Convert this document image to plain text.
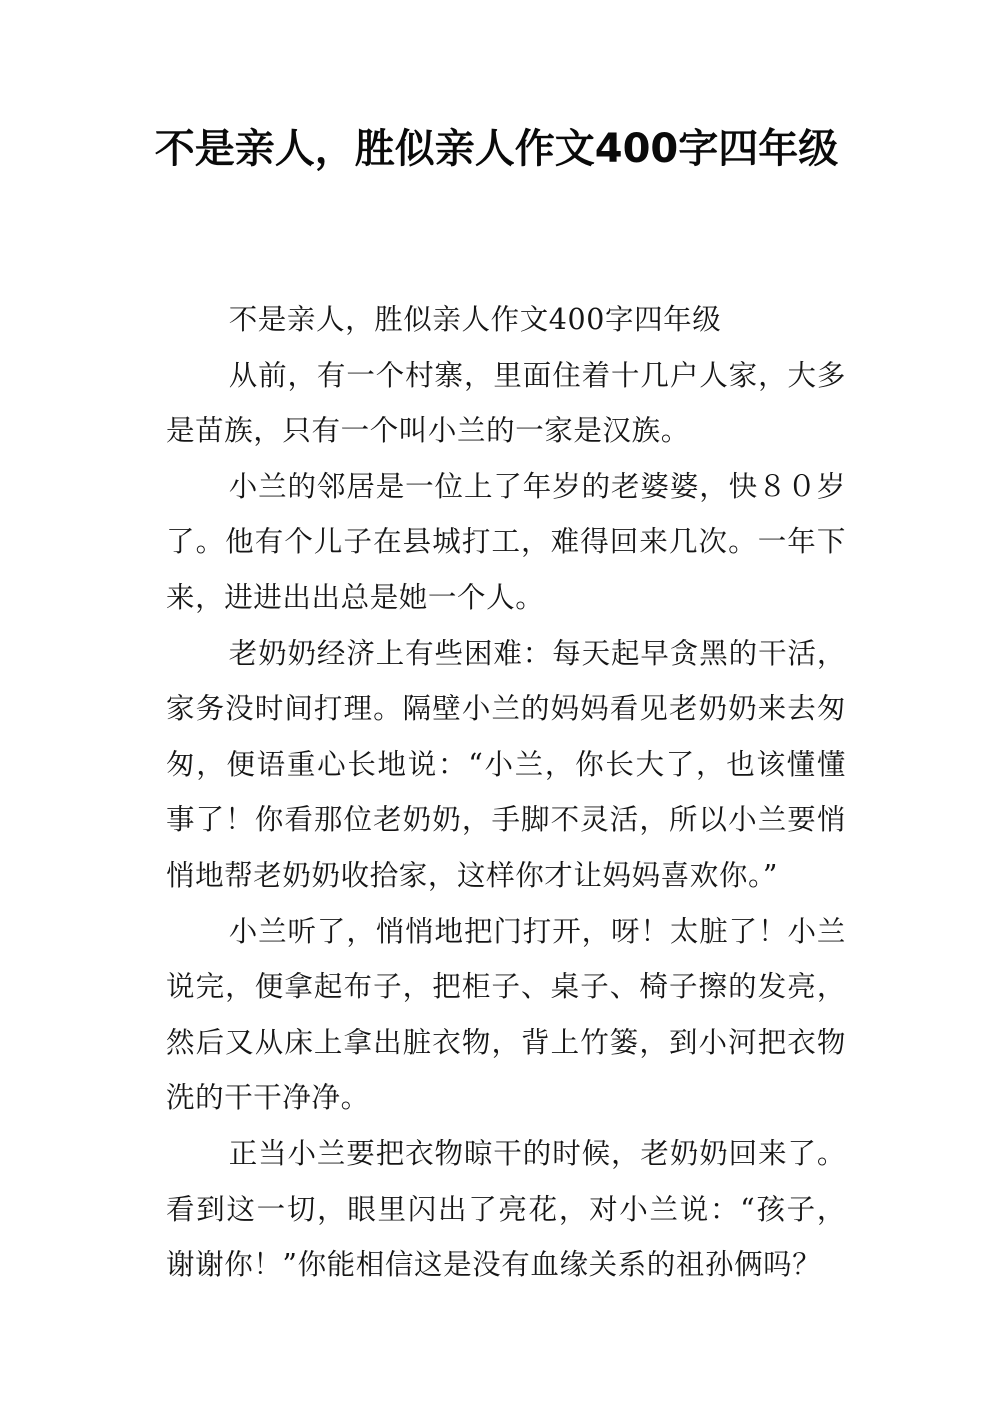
不是亲人，胜似亲人作文400字四年级

不是亲人，胜似亲人作文400字四年级

从前，有一个村寨，里面住着十几户人家，大多是苗族，只有一个叫小兰的一家是汉族。

小兰的邻居是一位上了年岁的老婆婆，快８０岁了。他有个儿子在县城打工，难得回来几次。一年下来，进进出出总是她一个人。

老奶奶经济上有些困难：每天起早贪黑的干活，家务没时间打理。隔壁小兰的妈妈看见老奶奶来去匆匆，便语重心长地说：“小兰，你长大了，也该懂懂事了！你看那位老奶奶，手脚不灵活，所以小兰要悄悄地帮老奶奶收拾家，这样你才让妈妈喜欢你。”

小兰听了，悄悄地把门打开，呀！太脏了！小兰说完，便拿起布子，把柜子、桌子、椅子擦的发亮，然后又从床上拿出脏衣物，背上竹篓，到小河把衣物洗的干干净净。

正当小兰要把衣物晾干的时候，老奶奶回来了。看到这一切，眼里闪出了亮花，对小兰说：“孩子，谢谢你！”你能相信这是没有血缘关系的祖孙俩吗？
